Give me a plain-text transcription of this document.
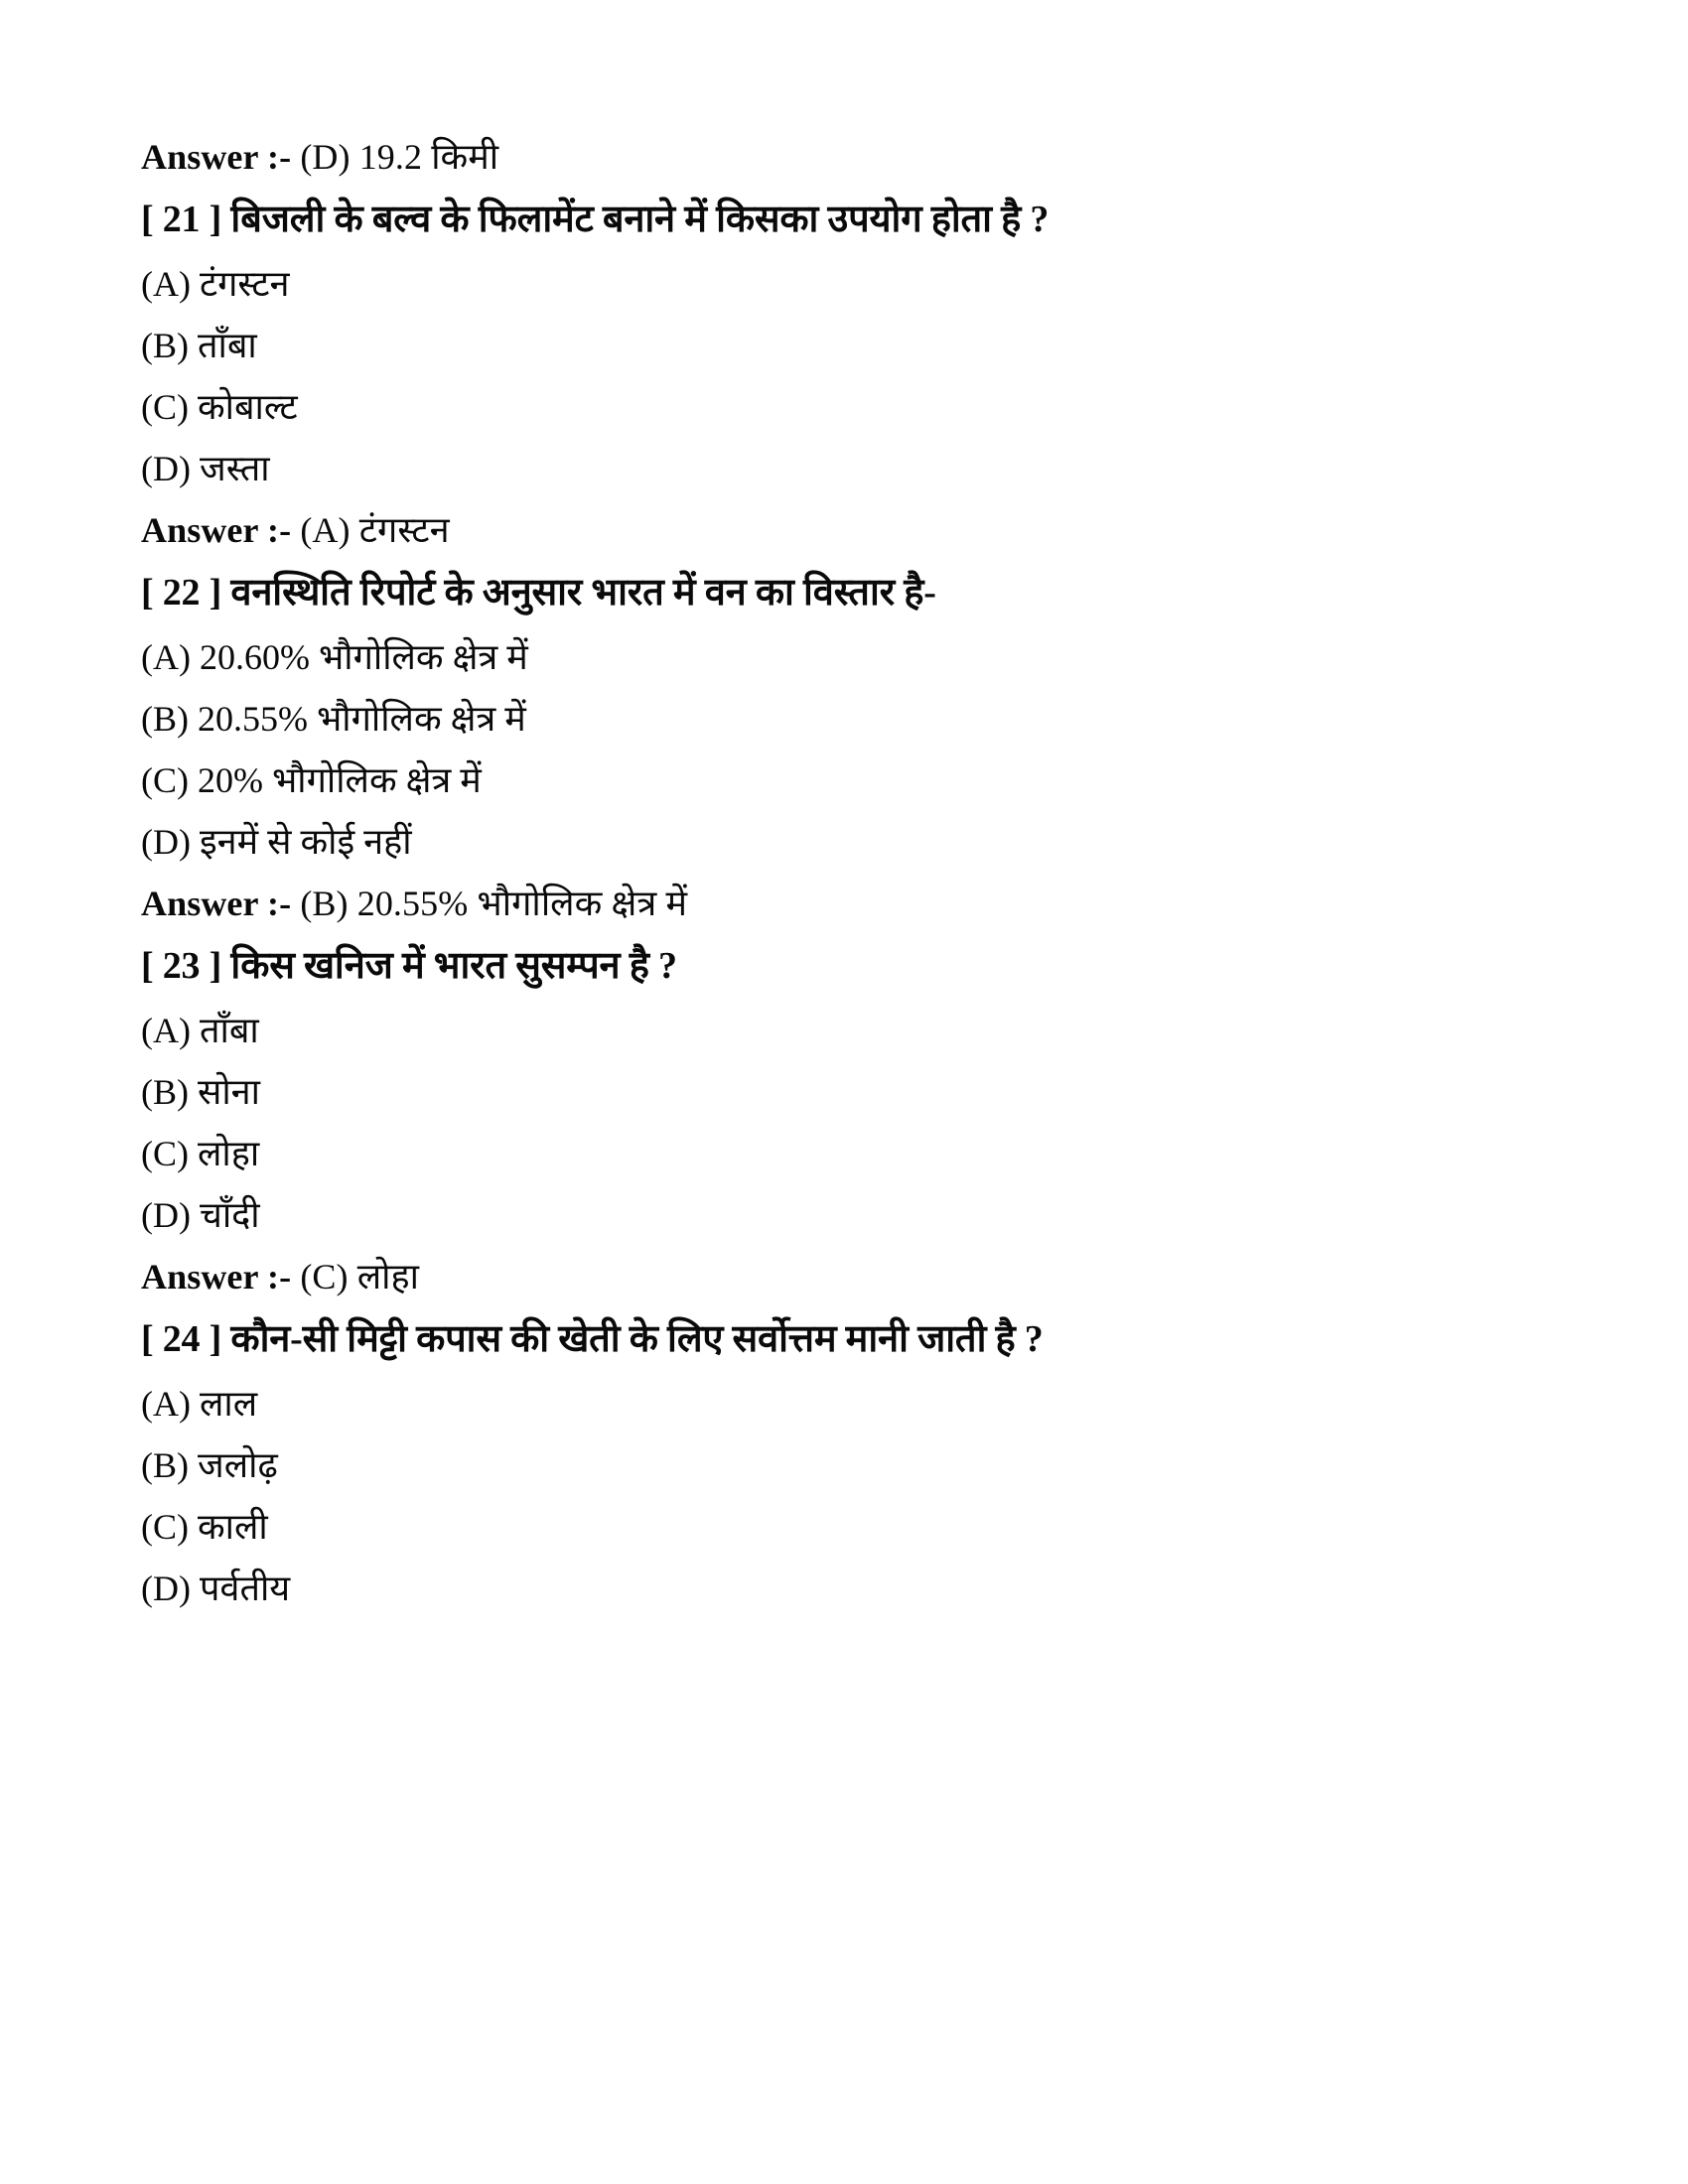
Answer :- (D) 19.2 किमी
[ 21 ] बिजली के बल्व के फिलामेंट बनाने में किसका उपयोग होता है ?
(A) टंगस्टन
(B) ताँबा
(C) कोबाल्ट
(D) जस्ता
Answer :- (A) टंगस्टन
[ 22 ] वनस्थिति रिपोर्ट के अनुसार भारत में वन का विस्तार है-
(A) 20.60% भौगोलिक क्षेत्र में
(B) 20.55% भौगोलिक क्षेत्र में
(C) 20% भौगोलिक क्षेत्र में
(D) इनमें से कोई नहीं
Answer :- (B) 20.55% भौगोलिक क्षेत्र में
[ 23 ] किस खनिज में भारत सुसम्पन है ?
(A) ताँबा
(B) सोना
(C) लोहा
(D) चाँदी
Answer :- (C) लोहा
[ 24 ] कौन-सी मिट्टी कपास की खेती के लिए सर्वोत्तम मानी जाती है ?
(A) लाल
(B) जलोढ़
(C) काली
(D) पर्वतीय
